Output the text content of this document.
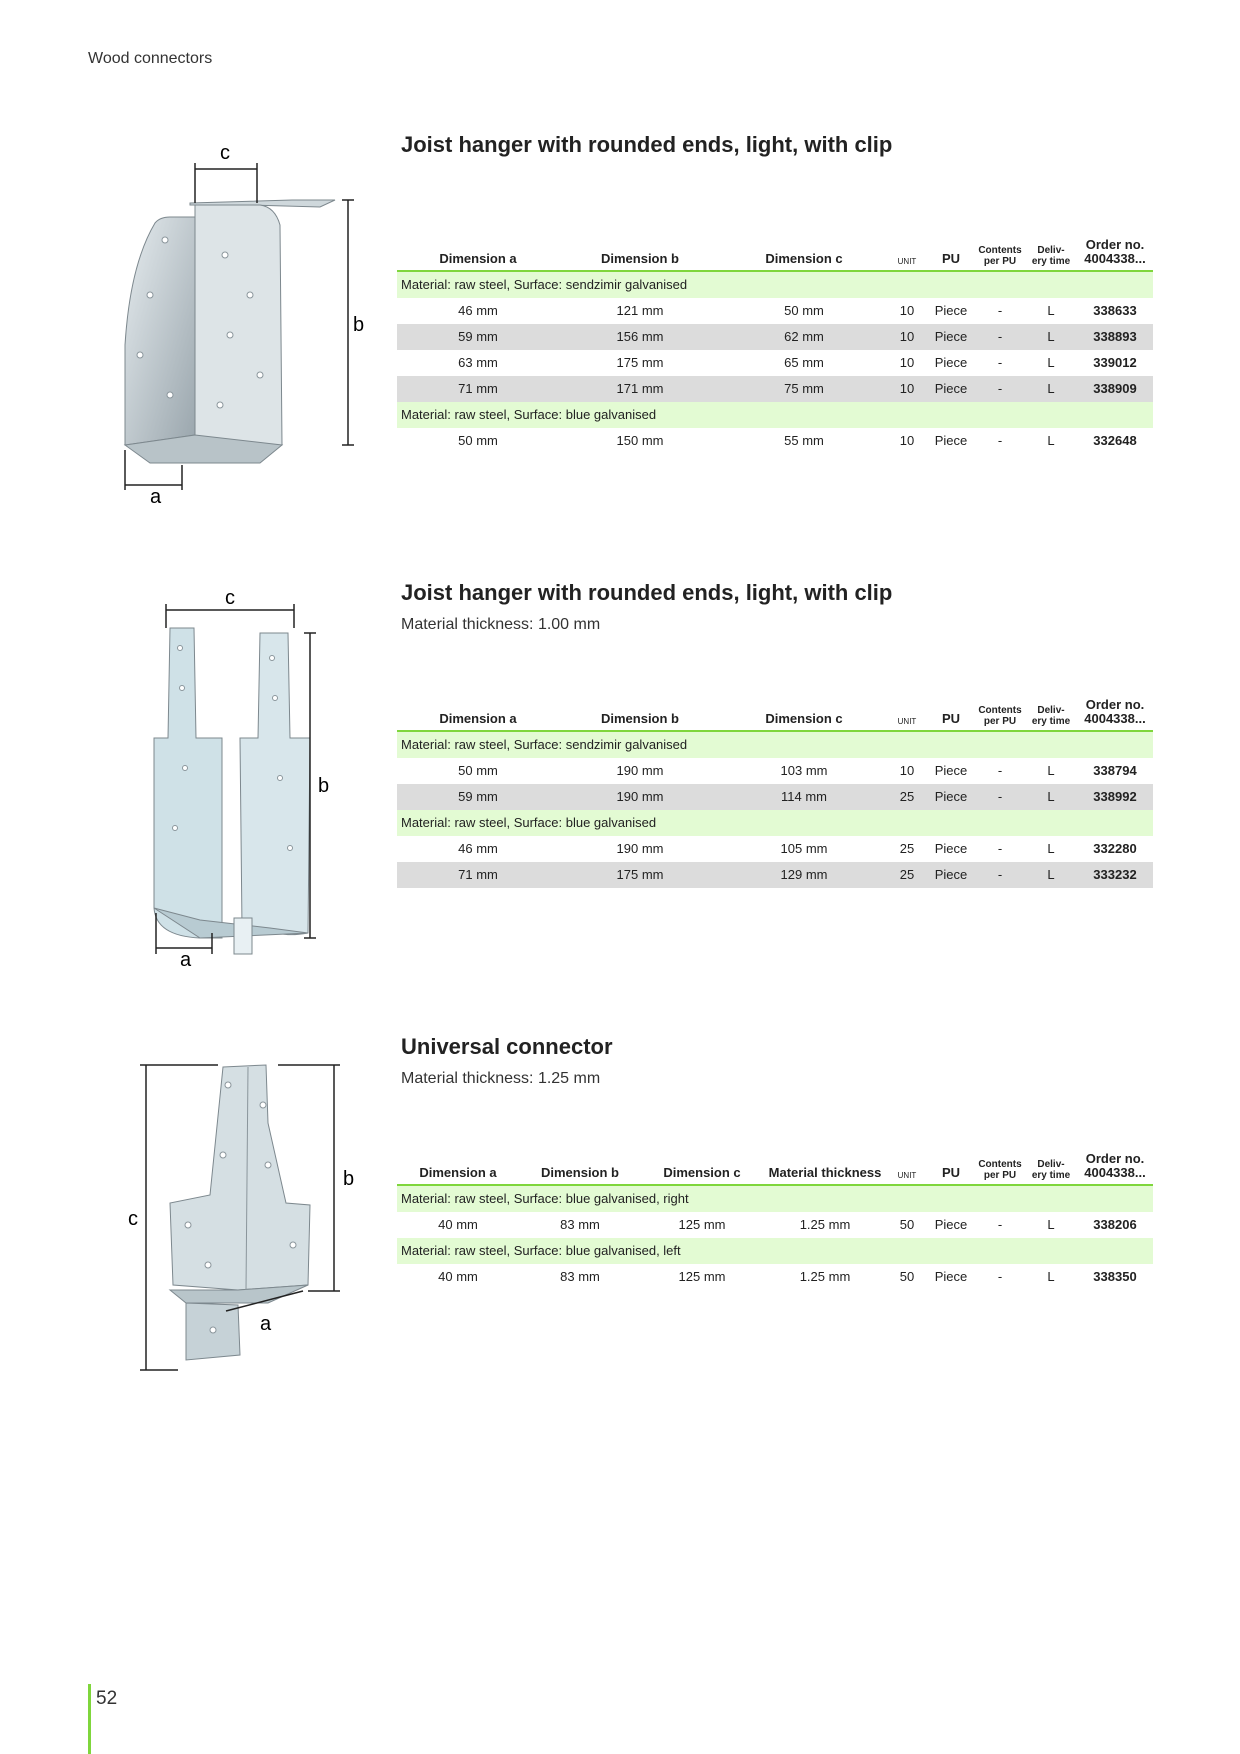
Wood connectors
Joist hanger with rounded ends, light, with clip
c
b
a
Dimension a	Dimension b	Dimension c	UNIT	PU	Contents
per PU	Deliv-
ery time	Order no.
4004338...
Material: raw steel, Surface: sendzimir galvanised							
46 mm	121 mm	50 mm	10	Piece	-	L	338633
59 mm	156 mm	62 mm	10	Piece	-	L	338893
63 mm	175 mm	65 mm	10	Piece	-	L	339012
71 mm	171 mm	75 mm	10	Piece	-	L	338909
Material: raw steel, Surface: blue galvanised							
50 mm	150 mm	55 mm	10	Piece	-	L	332648
Joist hanger with rounded ends, light, with clip
Material thickness: 1.00 mm
c
b
a
Dimension a	Dimension b	Dimension c	UNIT	PU	Contents
per PU	Deliv-
ery time	Order no.
4004338...
Material: raw steel, Surface: sendzimir galvanised							
50 mm	190 mm	103 mm	10	Piece	-	L	338794
59 mm	190 mm	114 mm	25	Piece	-	L	338992
Material: raw steel, Surface: blue galvanised							
46 mm	190 mm	105 mm	25	Piece	-	L	332280
71 mm	175 mm	129 mm	25	Piece	-	L	333232
Universal connector
Material thickness: 1.25 mm
c
b
a
Dimension a	Dimension b	Dimension c	Material thickness	UNIT	PU	Contents
per PU	Deliv-
ery time	Order no.
4004338...
Material: raw steel, Surface: blue galvanised, right								
40 mm	83 mm	125 mm	1.25 mm	50	Piece	-	L	338206
Material: raw steel, Surface: blue galvanised, left								
40 mm	83 mm	125 mm	1.25 mm	50	Piece	-	L	338350
52
